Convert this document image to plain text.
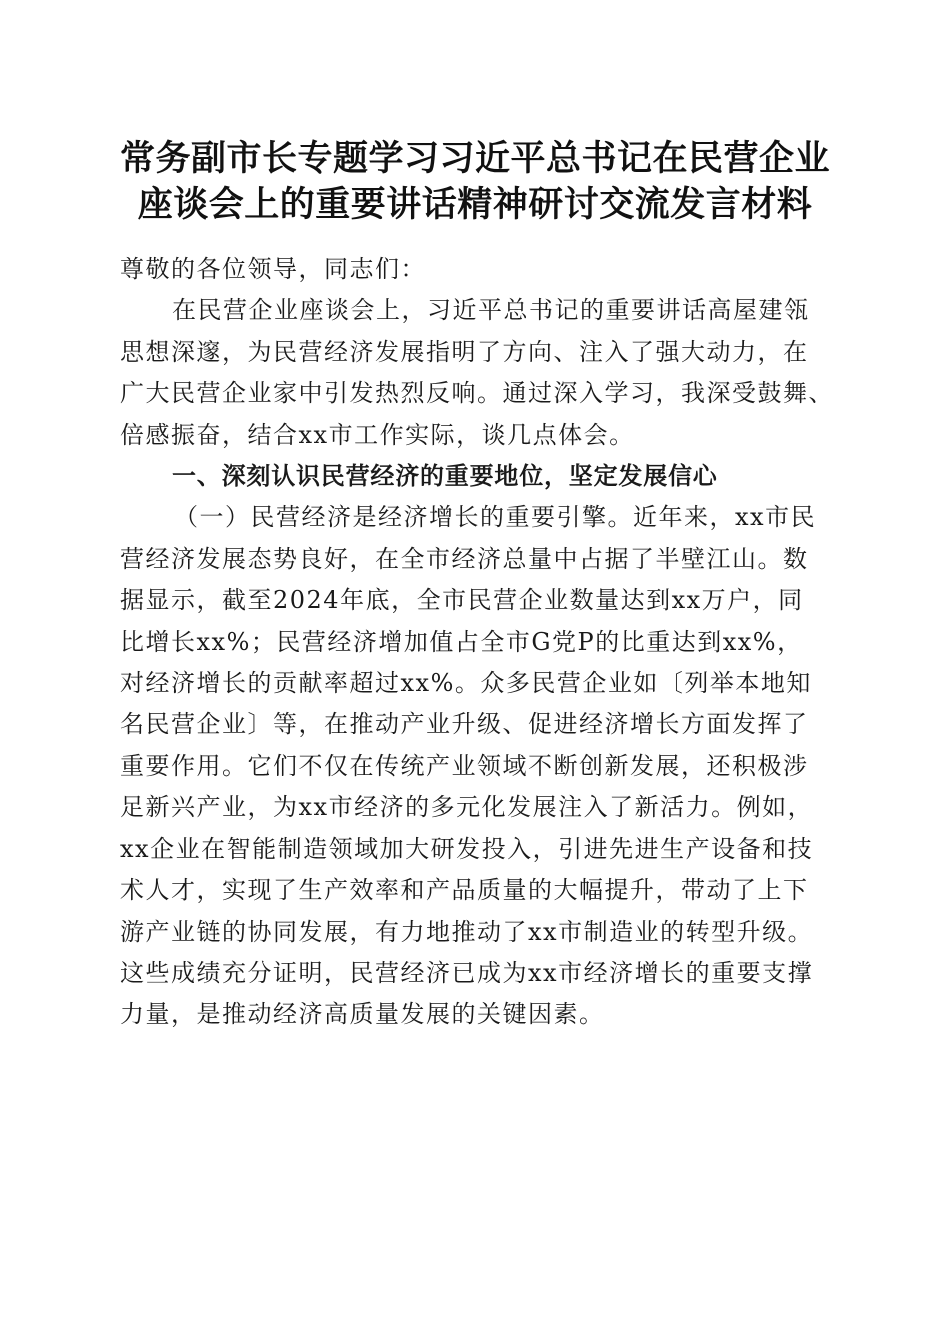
常务副市长专题学习习近平总书记在民营企业
座谈会上的重要讲话精神研讨交流发言材料

尊敬的各位领导，同志们：

在民营企业座谈会上，习近平总书记的重要讲话高屋建瓴

思想深邃，为民营经济发展指明了方向、注入了强大动力，在

广大民营企业家中引发热烈反响。通过深入学习，我深受鼓舞、

倍感振奋，结合xx市工作实际，谈几点体会。

一、深刻认识民营经济的重要地位，坚定发展信心

（一）民营经济是经济增长的重要引擎。近年来，xx市民

营经济发展态势良好，在全市经济总量中占据了半壁江山。数

据显示，截至2024年底，全市民营企业数量达到xx万户，同

比增长xx%；民营经济增加值占全市G党P的比重达到xx%，

对经济增长的贡献率超过xx%。众多民营企业如〔列举本地知

名民营企业〕等，在推动产业升级、促进经济增长方面发挥了

重要作用。它们不仅在传统产业领域不断创新发展，还积极涉

足新兴产业，为xx市经济的多元化发展注入了新活力。例如，

xx企业在智能制造领域加大研发投入，引进先进生产设备和技

术人才，实现了生产效率和产品质量的大幅提升，带动了上下

游产业链的协同发展，有力地推动了xx市制造业的转型升级。

这些成绩充分证明，民营经济已成为xx市经济增长的重要支撑

力量，是推动经济高质量发展的关键因素。
